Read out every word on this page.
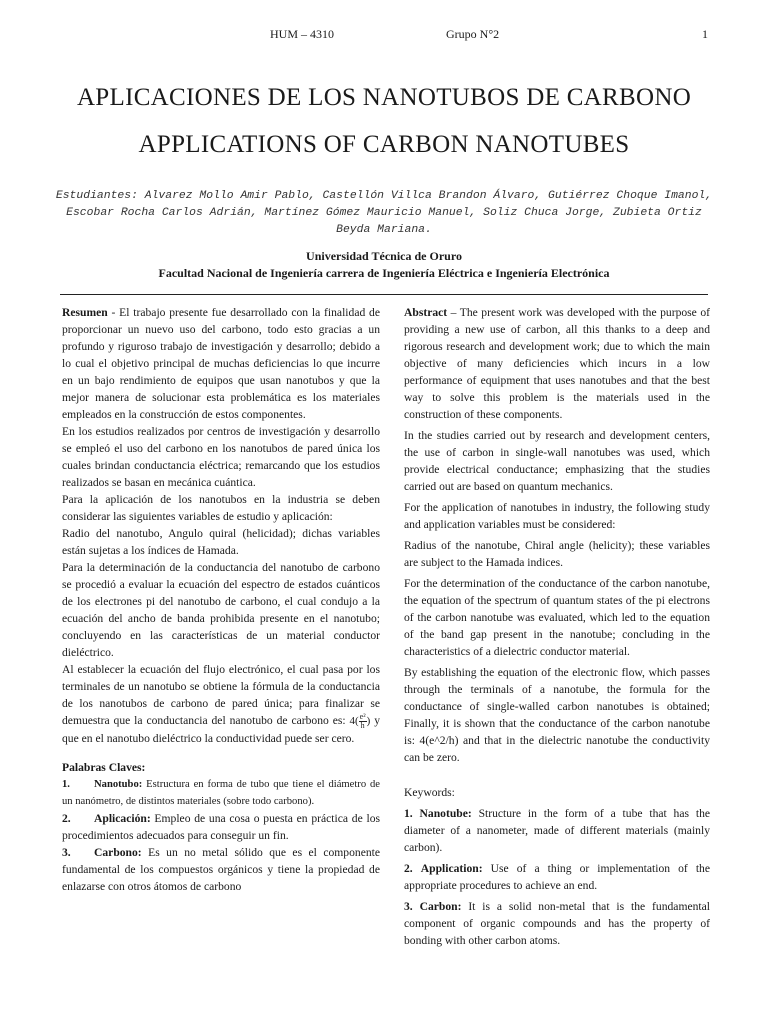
HUM – 4310	Grupo N°2	1
APLICACIONES DE LOS NANOTUBOS DE CARBONO
APPLICATIONS OF CARBON NANOTUBES
Estudiantes: Alvarez Mollo Amir Pablo, Castellón Villca Brandon Álvaro, Gutiérrez Choque Imanol, Escobar Rocha Carlos Adrián, Martínez Gómez Mauricio Manuel, Soliz Chuca Jorge, Zubieta Ortiz Beyda Mariana.
Universidad Técnica de Oruro
Facultad Nacional de Ingeniería carrera de Ingeniería Eléctrica e Ingeniería Electrónica

Resumen - El trabajo presente fue desarrollado con la finalidad de proporcionar un nuevo uso del carbono, todo esto gracias a un profundo y riguroso trabajo de investigación y desarrollo; debido a lo cual el objetivo principal de muchas deficiencias lo que incurre en un bajo rendimiento de equipos que usan nanotubos y que la mejor manera de solucionar esta problemática es los materiales empleados en la construcción de estos componentes.

En los estudios realizados por centros de investigación y desarrollo se empleó el uso del carbono en los nanotubos de pared única los cuales brindan conductancia eléctrica; remarcando que los estudios realizados se basan en mecánica cuántica.

Para la aplicación de los nanotubos en la industria se deben considerar las siguientes variables de estudio y aplicación:

Radio del nanotubo, Angulo quiral (helicidad); dichas variables están sujetas a los índices de Hamada.

Para la determinación de la conductancia del nanotubo de carbono se procedió a evaluar la ecuación del espectro de estados cuánticos de los electrones pi del nanotubo de carbono, el cual condujo a la ecuación del ancho de banda prohibida presente en el nanotubo; concluyendo en las características de un material conductor dieléctrico.

Al establecer la ecuación del flujo electrónico, el cual pasa por los terminales de un nanotubo se obtiene la fórmula de la conductancia de los nanotubos de carbono de pared única; para finalizar se demuestra que la conductancia del nanotubo de carbono es: $4( \frac{\text{e²}}{h}$ ) y que en el nanotubo dieléctrico la conductividad puede ser cero.

Palabras Claves:

1. Nanotubo: Estructura en forma de tubo que tiene el diámetro de un nanómetro, de distintos materiales (sobre todo carbono).

2. Aplicación: Empleo de una cosa o puesta en práctica de los procedimientos adecuados para conseguir un fin.

3. Carbono: Es un no metal sólido que es el componente fundamental de los compuestos orgánicos y tiene la propiedad de enlazarse con otros átomos de carbono

Abstract – The present work was developed with the purpose of providing a new use of carbon, all this thanks to a deep and rigorous research and development work; due to which the main objective of many deficiencies which incurs in a low performance of equipment that uses nanotubes and that the best way to solve this problem is the materials used in the construction of these components.

In the studies carried out by research and development centers, the use of carbon in single-wall nanotubes was used, which provide electrical conductance; emphasizing that the studies carried out are based on quantum mechanics.

For the application of nanotubes in industry, the following study and application variables must be considered:

Radius of the nanotube, Chiral angle (helicity); these variables are subject to the Hamada indices.

For the determination of the conductance of the carbon nanotube, the equation of the spectrum of quantum states of the pi electrons of the carbon nanotube was evaluated, which led to the equation of the band gap present in the nanotube; concluding in the characteristics of a dielectric conductor material.

By establishing the equation of the electronic flow, which passes through the terminals of a nanotube, the formula for the conductance of single-walled carbon nanotubes is obtained; Finally, it is shown that the conductance of the carbon nanotube is: 4(e^2/h) and that in the dielectric nanotube the conductivity can be zero.

Keywords:

1. Nanotube: Structure in the form of a tube that has the diameter of a nanometer, made of different materials (mainly carbon).

2. Application: Use of a thing or implementation of the appropriate procedures to achieve an end.

3. Carbon: It is a solid non-metal that is the fundamental component of organic compounds and has the property of bonding with other carbon atoms.
